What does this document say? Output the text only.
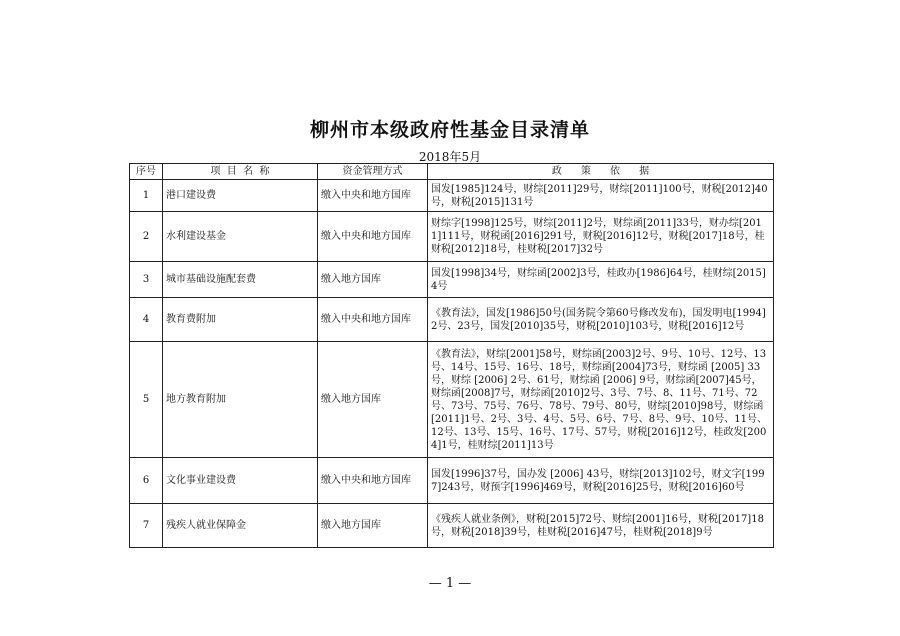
柳州市本级政府性基金目录清单
2018年5月
序号	项  目  名  称	资金管理方式	政      策      依      据
1	港口建设费	缴入中央和地方国库	国发[1985]124号，财综[2011]29号，财综[2011]100号，财税[2012]40号，财税[2015]131号
2	水利建设基金	缴入中央和地方国库	财综字[1998]125号，财综[2011]2号，财综函[2011]33号，财办综[2011]111号，财税函[2016]291号，财税[2016]12号，财税[2017]18号，桂财税[2012]18号，桂财税[2017]32号
3	城市基础设施配套费	缴入地方国库	国发[1998]34号，财综函[2002]3号，桂政办[1986]64号，桂财综[2015]4号
4	教育费附加	缴入中央和地方国库	《教育法》，国发[1986]50号(国务院令第60号修改发布)，国发明电[1994]2号、23号，国发[2010]35号，财税[2010]103号，财税[2016]12号
5	地方教育附加	缴入地方国库	《教育法》，财综[2001]58号，财综函[2003]2号、9号、10号、12号、13号、14号、15号、16号、18号，财综函[2004]73号，财综函 [2005] 33号，财综 [2006] 2号、61号，财综函 [2006] 9号，财综函[2007]45号，财综函[2008]7号，财综函[2010]2号、3号、7号、8、11号、71号、72号、73号、75号、76号、78号、79号、80号，财综[2010]98号，财综函[2011]1号、2号、3号、4号、5号、6号、7号、8号、9号、10号、11号、12号、13号、15号、16号、17号、57号，财税[2016]12号，桂政发[2004]1号，桂财综[2011]13号
6	文化事业建设费	缴入中央和地方国库	国发[1996]37号，国办发 [2006] 43号，财综[2013]102号，财文字[1997]243号，财预字[1996]469号，财税[2016]25号，财税[2016]60号
7	残疾人就业保障金	缴入地方国库	《残疾人就业条例》，财税[2015]72号、财综[2001]16号，财税[2017]18号，财税[2018]39号，桂财税[2016]47号，桂财税[2018]9号
— 1 —
